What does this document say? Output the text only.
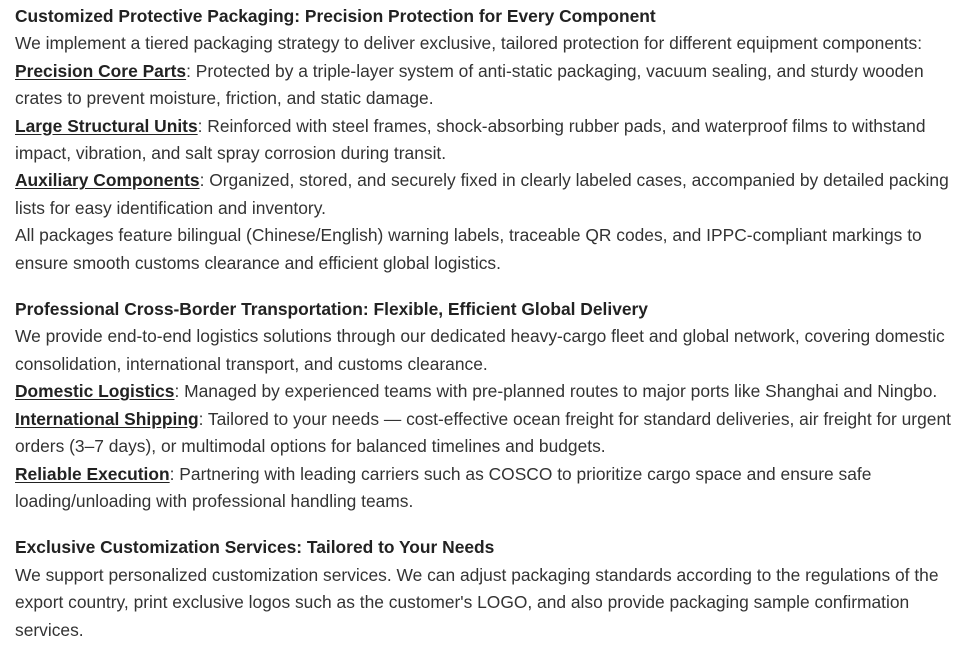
Customized Protective Packaging: Precision Protection for Every Component

We implement a tiered packaging strategy to deliver exclusive, tailored protection for different equipment components:

Precision Core Parts: Protected by a triple-layer system of anti-static packaging, vacuum sealing, and sturdy wooden crates to prevent moisture, friction, and static damage.

Large Structural Units: Reinforced with steel frames, shock-absorbing rubber pads, and waterproof films to withstand impact, vibration, and salt spray corrosion during transit.

Auxiliary Components: Organized, stored, and securely fixed in clearly labeled cases, accompanied by detailed packing lists for easy identification and inventory.

All packages feature bilingual (Chinese/English) warning labels, traceable QR codes, and IPPC-compliant markings to ensure smooth customs clearance and efficient global logistics.

Professional Cross-Border Transportation: Flexible, Efficient Global Delivery

We provide end-to-end logistics solutions through our dedicated heavy-cargo fleet and global network, covering domestic consolidation, international transport, and customs clearance.

Domestic Logistics: Managed by experienced teams with pre-planned routes to major ports like Shanghai and Ningbo.

International Shipping: Tailored to your needs — cost-effective ocean freight for standard deliveries, air freight for urgent orders (3–7 days), or multimodal options for balanced timelines and budgets.

Reliable Execution: Partnering with leading carriers such as COSCO to prioritize cargo space and ensure safe loading/unloading with professional handling teams.

Exclusive Customization Services: Tailored to Your Needs

We support personalized customization services. We can adjust packaging standards according to the regulations of the export country, print exclusive logos such as the customer's LOGO, and also provide packaging sample confirmation services.
